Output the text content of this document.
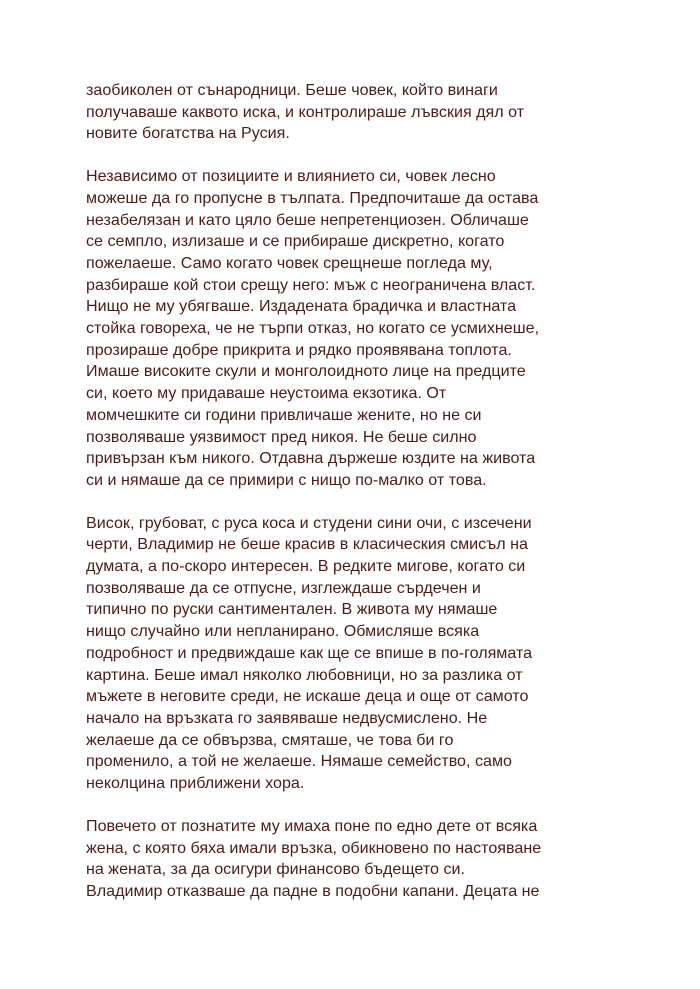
заобиколен от сънародници. Беше човек, който винаги
получаваше каквото иска, и контролираше лъвския дял от
новите богатства на Русия.

Независимо от позициите и влиянието си, човек лесно
можеше да го пропусне в тълпата. Предпочиташе да остава
незабелязан и като цяло беше непретенциозен. Обличаше
се семпло, излизаше и се прибираше дискретно, когато
пожелаеше. Само когато човек срещнеше погледа му,
разбираше кой стои срещу него: мъж с неограничена власт.
Нищо не му убягваше. Издадената брадичка и властната
стойка говореха, че не търпи отказ, но когато се усмихнеше,
прозираше добре прикрита и рядко проявявана топлота.
Имаше високите скули и монголоидното лице на предците
си, което му придаваше неустоима екзотика. От
момчешките си години привличаше жените, но не си
позволяваше уязвимост пред никоя. Не беше силно
привързан към никого. Отдавна държеше юздите на живота
си и нямаше да се примири с нищо по-малко от това.

Висок, грубоват, с руса коса и студени сини очи, с изсечени
черти, Владимир не беше красив в класическия смисъл на
думата, а по-скоро интересен. В редките мигове, когато си
позволяваше да се отпусне, изглеждаше сърдечен и
типично по руски сантиментален. В живота му нямаше
нищо случайно или непланирано. Обмисляше всяка
подробност и предвиждаше как ще се впише в по-голямата
картина. Беше имал няколко любовници, но за разлика от
мъжете в неговите среди, не искаше деца и още от самото
начало на връзката го заявяваше недвусмислено. Не
желаеше да се обвързва, смяташе, че това би го
променило, а той не желаеше. Нямаше семейство, само
неколцина приближени хора.

Повечето от познатите му имаха поне по едно дете от всяка
жена, с която бяха имали връзка, обикновено по настояване
на жената, за да осигури финансово бъдещето си.
Владимир отказваше да падне в подобни капани. Децата не
